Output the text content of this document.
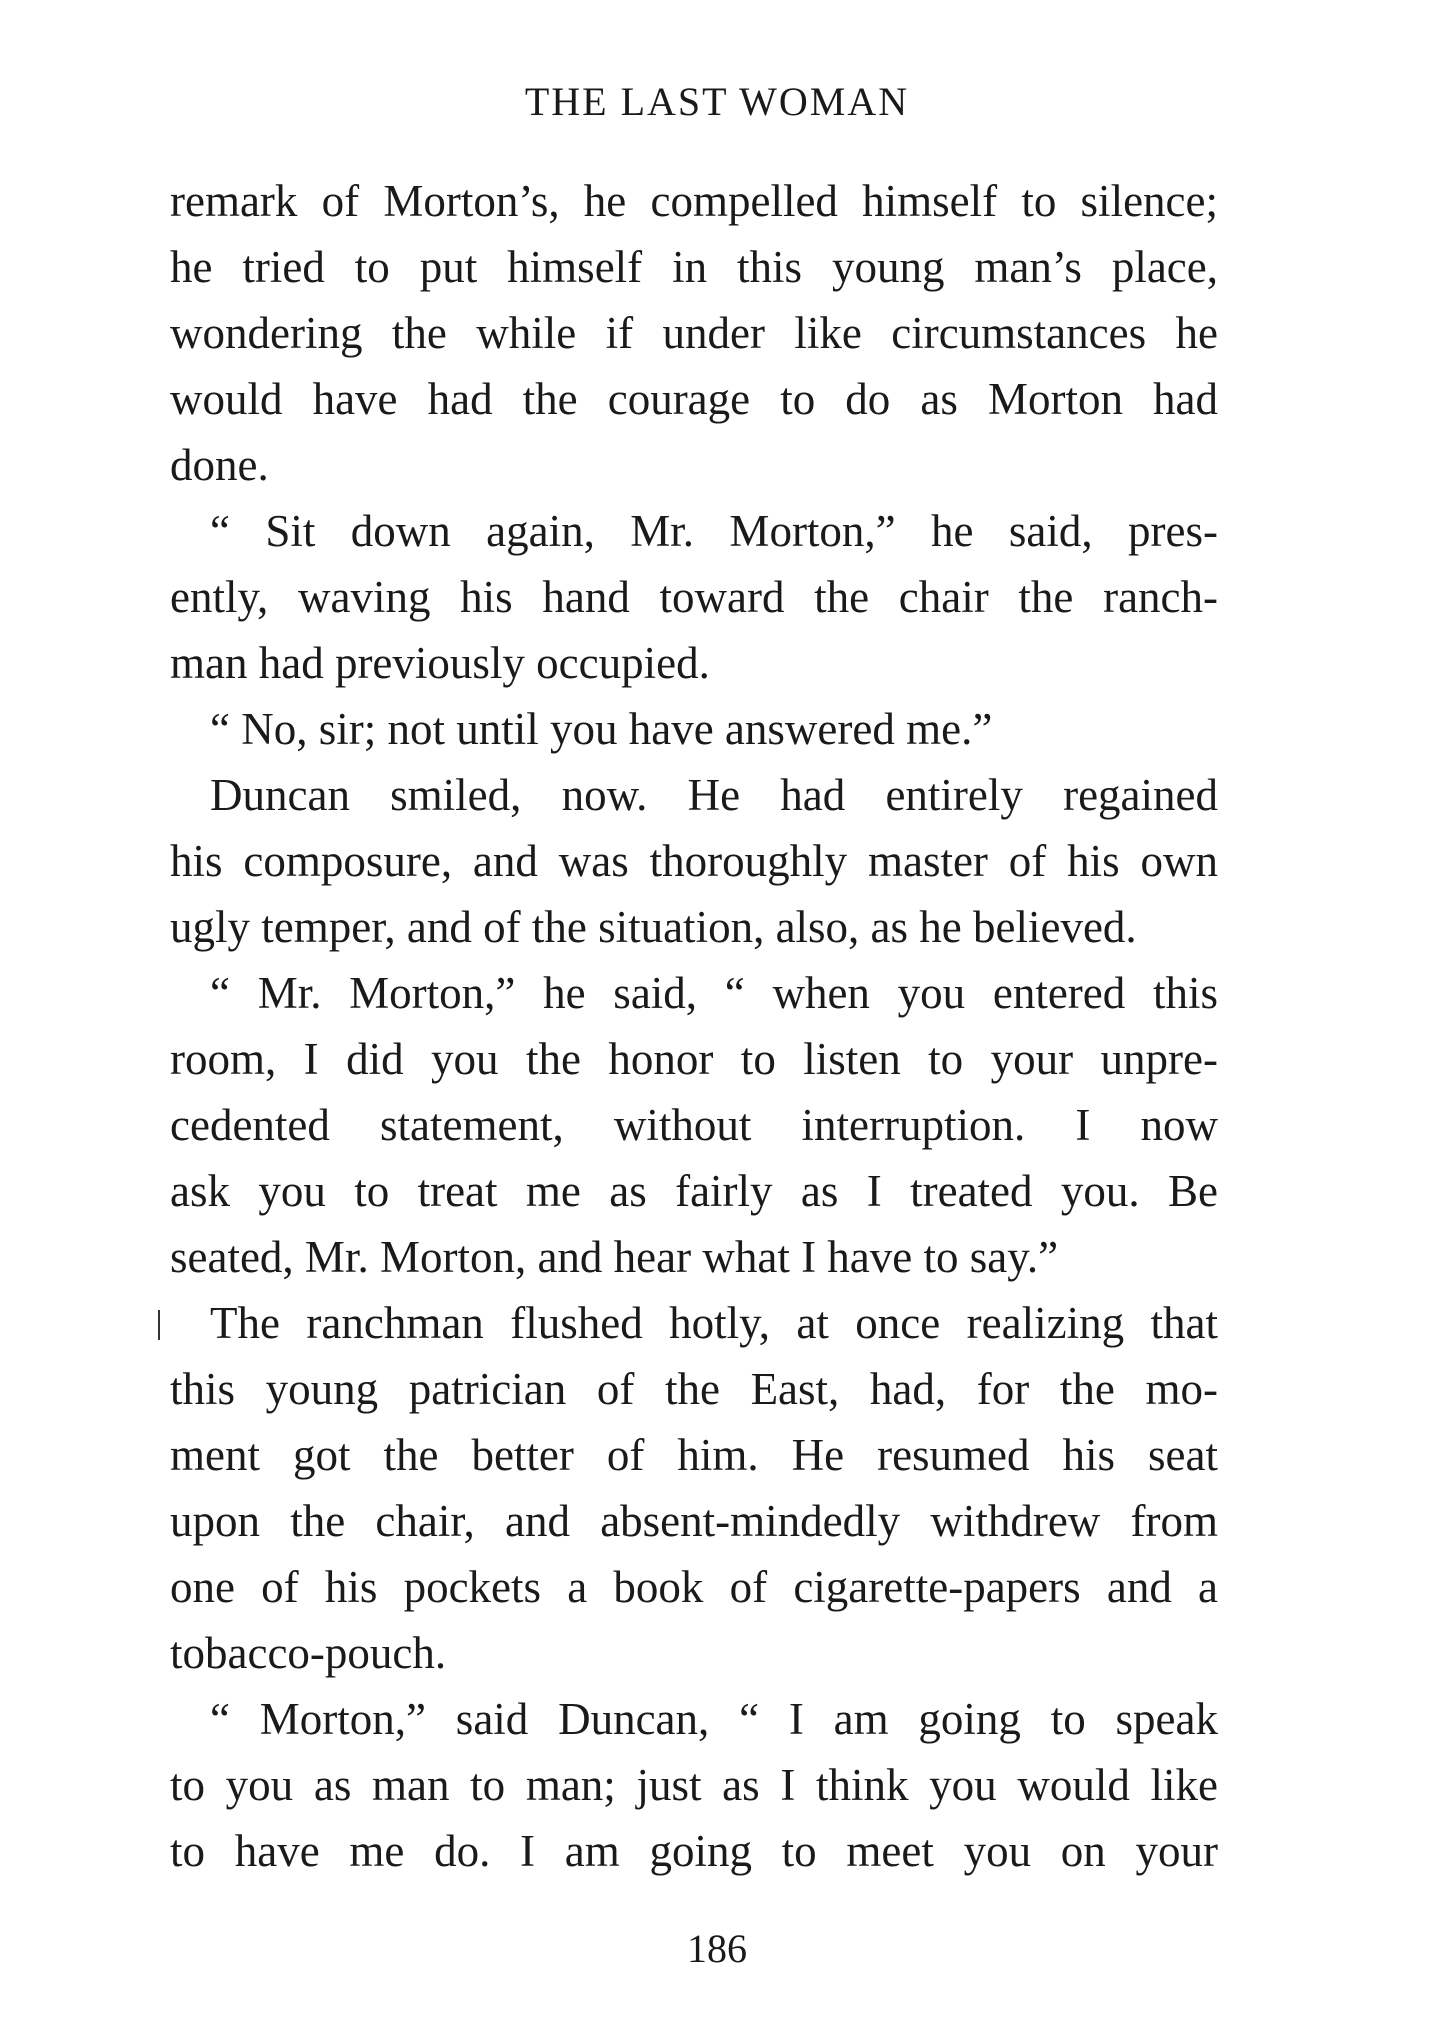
THE LAST WOMAN
remark of Morton’s, he compelled himself to silence;
he tried to put himself in this young man’s place,
wondering the while if under like circumstances he
would have had the courage to do as Morton had
done.
“ Sit down again, Mr. Morton,” he said, pres-
ently, waving his hand toward the chair the ranch-
man had previously occupied.
“ No, sir; not until you have answered me.”
Duncan smiled, now. He had entirely regained
his composure, and was thoroughly master of his own
ugly temper, and of the situation, also, as he believed.
“ Mr. Morton,” he said, “ when you entered this
room, I did you the honor to listen to your unpre-
cedented statement, without interruption. I now
ask you to treat me as fairly as I treated you. Be
seated, Mr. Morton, and hear what I have to say.”
The ranchman flushed hotly, at once realizing that
this young patrician of the East, had, for the mo-
ment got the better of him. He resumed his seat
upon the chair, and absent-mindedly withdrew from
one of his pockets a book of cigarette-papers and a
tobacco-pouch.
“ Morton,” said Duncan, “ I am going to speak
to you as man to man; just as I think you would like
to have me do. I am going to meet you on your
186
